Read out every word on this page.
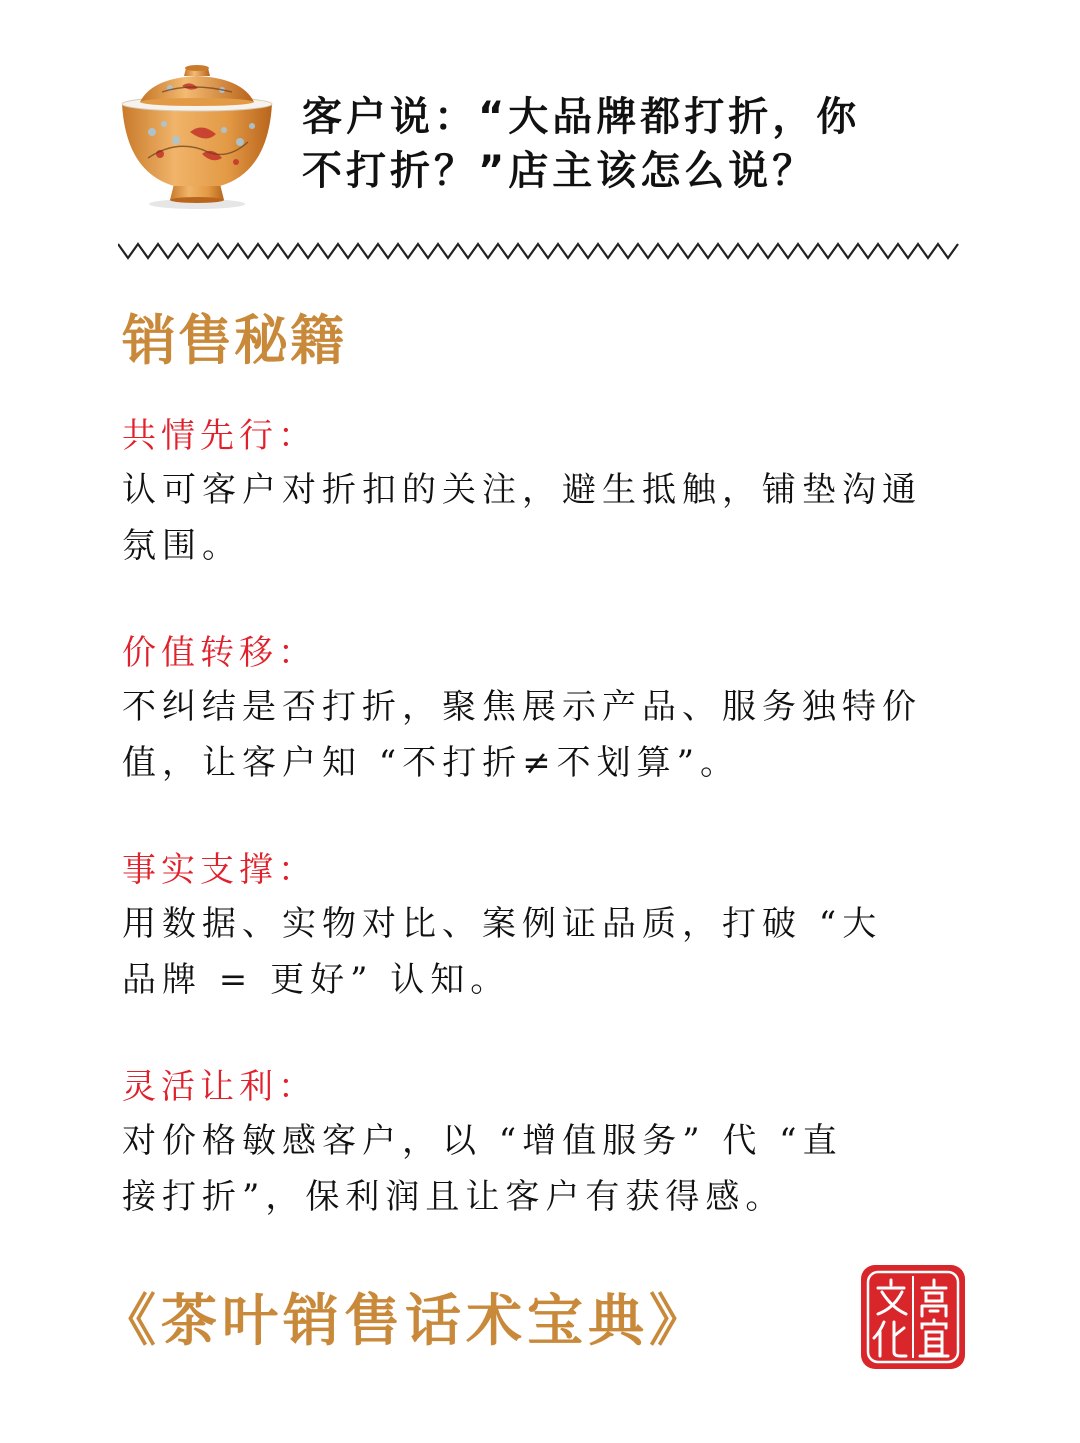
客户说：“大品牌都打折，你
不打折？”店主该怎么说？
销售秘籍
共情先行：
认可客户对折扣的关注，避生抵触，铺垫沟通
氛围。
价值转移：
不纠结是否打折，聚焦展示产品、服务独特价
值，让客户知 “不打折≠不划算”。
事实支撑：
用数据、实物对比、案例证品质，打破 “大
品牌 = 更好” 认知。
灵活让利：
对价格敏感客户，以 “增值服务” 代 “直
接打折”，保利润且让客户有获得感。
《茶叶销售话术宝典》
